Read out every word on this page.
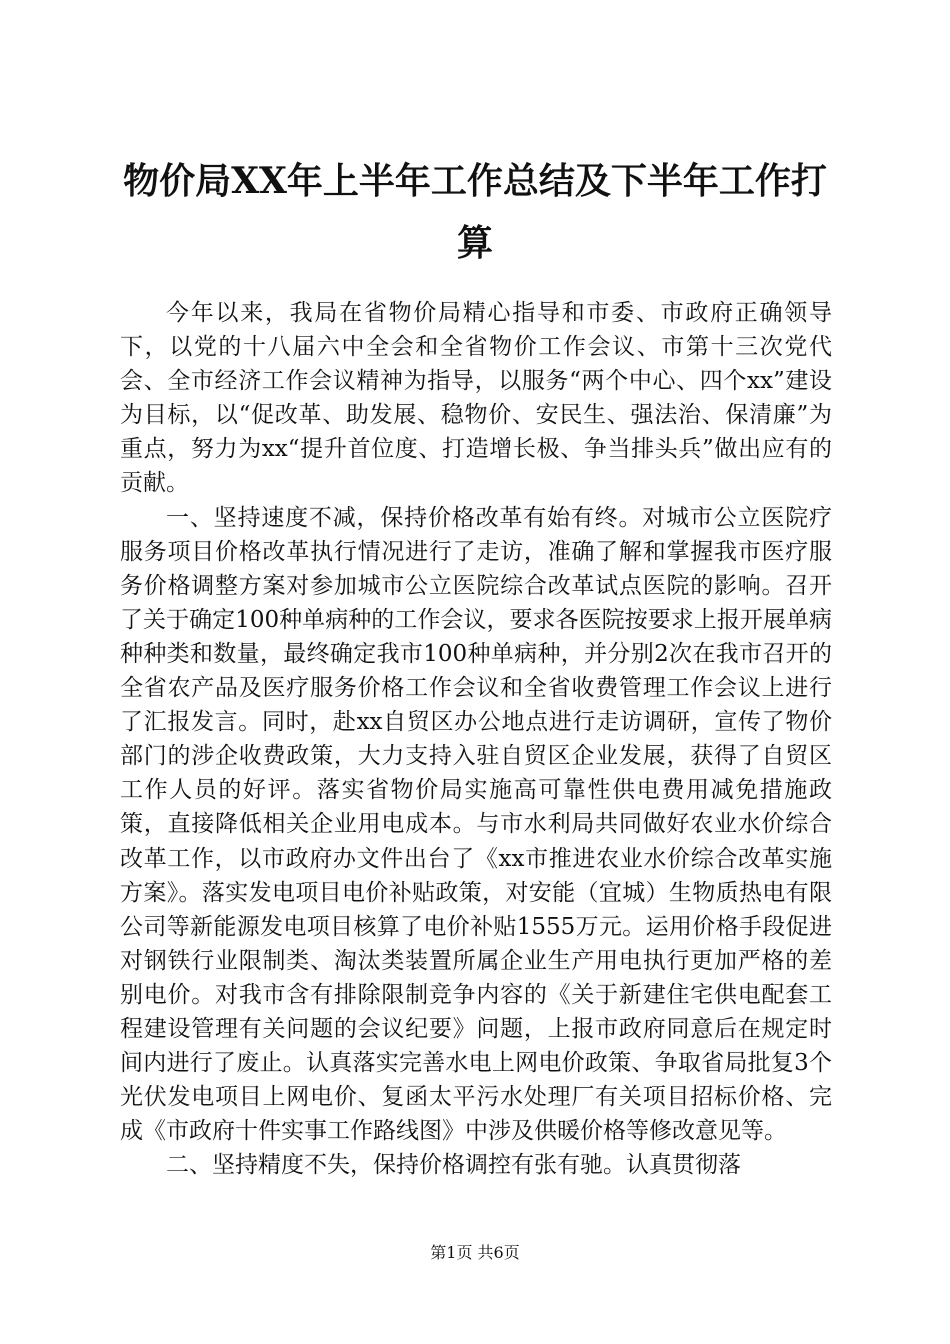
物价局XX年上半年工作总结及下半年工作打算

今年以来，我局在省物价局精心指导和市委、市政府正确领导下，以党的十八届六中全会和全省物价工作会议、市第十三次党代会、全市经济工作会议精神为指导，以服务“两个中心、四个xx”建设为目标，以“促改革、助发展、稳物价、安民生、强法治、保清廉”为重点，努力为xx“提升首位度、打造增长极、争当排头兵”做出应有的贡献。

一、坚持速度不减，保持价格改革有始有终。对城市公立医院疗服务项目价格改革执行情况进行了走访，准确了解和掌握我市医疗服务价格调整方案对参加城市公立医院综合改革试点医院的影响。召开了关于确定100种单病种的工作会议，要求各医院按要求上报开展单病种种类和数量，最终确定我市100种单病种，并分别2次在我市召开的全省农产品及医疗服务价格工作会议和全省收费管理工作会议上进行了汇报发言。同时，赴xx自贸区办公地点进行走访调研，宣传了物价部门的涉企收费政策，大力支持入驻自贸区企业发展，获得了自贸区工作人员的好评。落实省物价局实施高可靠性供电费用减免措施政策，直接降低相关企业用电成本。与市水利局共同做好农业水价综合改革工作，以市政府办文件出台了《xx市推进农业水价综合改革实施方案》。落实发电项目电价补贴政策，对安能（宜城）生物质热电有限公司等新能源发电项目核算了电价补贴1555万元。运用价格手段促进对钢铁行业限制类、淘汰类装置所属企业生产用电执行更加严格的差别电价。对我市含有排除限制竞争内容的《关于新建住宅供电配套工程建设管理有关问题的会议纪要》问题，上报市政府同意后在规定时间内进行了废止。认真落实完善水电上网电价政策、争取省局批复3个光伏发电项目上网电价、复函太平污水处理厂有关项目招标价格、完成《市政府十件实事工作路线图》中涉及供暖价格等修改意见等。

二、坚持精度不失，保持价格调控有张有驰。认真贯彻落

第1页 共6页
